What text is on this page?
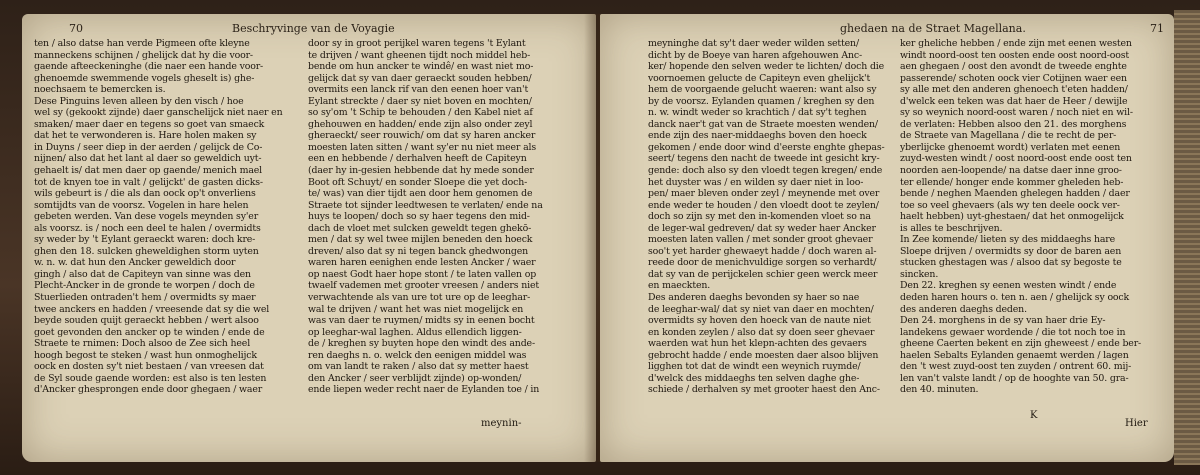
70	Beschryvinge van de Voyagie
ten / also datse han verde Pigmeen ofte kleyne
manneckens schijnen / ghelijck dat hy die voor-
gaende afteeckeninghe (die naer een hande voor-
ghenoemde swemmende vogels gheselt is) ghe-
noechsaem te bemercken is.
Dese Pinguins leven alleen by den visch / hoe
wel sy (gekookt zijnde) daer ganschelijck niet naer en
smaken/ maer daer en tegens so goet van smaeck
dat het te verwonderen is. Hare holen maken sy
in Duyns / seer diep in der aerden / gelijck de Co-
nijnen/ also dat het lant al daer so geweldich uyt-
gehaelt is/ dat men daer op gaende/ menich mael
tot de knyen toe in valt / gelijckt' de gasten dicks-
wils gebeurt is / die als dan oock op't onverliens
somtijdts van de voorsz. Vogelen in hare helen
gebeten werden. Van dese vogels meynden sy'er
als voorsz. is / noch een deel te halen / overmidts
sy weder by 't Eylant geraeckt waren: doch kre-
ghen den 18. sulcken gheweldighen storm uyten
w. n. w. dat hun den Ancker geweldich door
gingh / also dat de Capiteyn van sinne was den
Plecht-Ancker in de gronde te worpen / doch de
Stuerlieden ontraden't hem / overmidts sy maer
twee anckers en hadden / vreesende dat sy die wel
beyde souden quijt geraeckt hebben / wert alsoo
goet gevonden den ancker op te winden / ende de
Straete te rnimen: Doch alsoo de Zee sich heel
hoogh begost te steken / wast hun onmoghelijck
oock en dosten sy't niet bestaen / van vreesen dat
de Syl soude gaende worden: est also is ten lesten
d'Ancker ghesprongen ende door ghegaen / waer
door sy in groot perijkel waren tegens 't Eylant
te drijven / want gheenen tijdt noch middel heb-
bende om hun ancker te windê/ en wast niet mo-
gelijck dat sy van daer geraeckt souden hebben/
overmits een lanck rif van den eenen hoer van't
Eylant streckte / daer sy niet boven en mochten/
so sy'om 't Schip te behouden / den Kabel niet af
ghehouwen en hadden/ ende zijn also onder zeyl
gheraeckt/ seer rouwich/ om dat sy haren ancker
moesten laten sitten / want sy'er nu niet meer als
een en hebbende / derhalven heeft de Capiteyn
(daer hy in-gesien hebbende dat hy mede sonder
Boot oft Schuyt/ en sonder Sloepe die yet doch-
te/ was) van dier tijdt aen door hem genomen de
Straete tot sijnder leedtwesen te verlaten/ ende na
huys te loopen/ doch so sy haer tegens den mid-
dach de vloet met sulcken geweldt tegen ghekō-
men / dat sy wel twee mijlen beneden den hoeck
dreven/ also dat sy ni tegen banck ghedwongen
waren haren eenighen ende lesten Ancker / waer
op naest Godt haer hope stont / te laten vallen op
twaelf vademen met grooter vreesen / anders niet
verwachtende als van ure tot ure op de leeghar-
wal te drijven / want het was niet mogelijck en
was van daer te ruymen/ midts sy in eenen bocht
op leeghar-wal laghen. Aldus ellendich liggen-
de / kreghen sy buyten hope den windt des ande-
ren daeghs n. o. welck den eenigen middel was
om van landt te raken / also dat sy metter haest
den Ancker / seer verblijdt zijnde) op-wonden/
ende liepen weder recht naer de Eylanden toe / in
meynin-
ghedaen na de Straet Magellana.	71
meyninghe dat sy't daer weder wilden setten/
dicht by de Boeye van haren afgehouwen Anc-
ker/ hopende den selven weder te lichten/ doch die
voornoemen gelucte de Capiteyn even ghelijck't
hem de voorgaende gelucht waeren: want also sy
by de voorsz. Eylanden quamen / kreghen sy den
n. w. windt weder so krachtich / dat sy't teghen
danck naer't gat van de Straete moesten wenden/
ende zijn des naer-middaeghs boven den hoeck
gekomen / ende door wind d'eerste enghte ghepas-
seert/ tegens den nacht de tweede int gesicht kry-
gende: doch also sy den vloedt tegen kregen/ ende
het duyster was / en wilden sy daer niet in loo-
pen/ maer bleven onder zeyl / meynende met over
ende weder te houden / den vloedt doot te zeylen/
doch so zijn sy met den in-komenden vloet so na
de leger-wal gedreven/ dat sy weder haer Ancker
moesten laten vallen / met sonder groot ghevaer
soo't yet harder ghewaeyt hadde / doch waren al-
reede door de menichvuldige sorgen so verhardt/
dat sy van de perijckelen schier geen werck meer
en maeckten.
Des anderen daeghs bevonden sy haer so nae
de leeghar-wal/ dat sy niet van daer en mochten/
overmidts sy hoven den hoeck van de naute niet
en konden zeylen / also dat sy doen seer ghevaer
waerden wat hun het klepn-achten des gevaers
gebrocht hadde / ende moesten daer alsoo blijven
ligghen tot dat de windt een weynich ruymde/
d'welck des middaeghs ten selven daghe ghe-
schiede / derhalven sy met grooter haest den Anc-
ker gheliche hebben / ende zijn met eenen westen
windt noord-oost ten oosten ende oost noord-oost
aen ghegaen / oost den avondt de tweede enghte
passerende/ schoten oock vier Cotijnen waer een
sy alle met den anderen ghenoech t'eten hadden/
d'welck een teken was dat haer de Heer / dewijle
sy so weynich noord-oost waren / noch niet en wil-
de verlaten: Hebben alsoo den 21. des morghens
de Straete van Magellana / die te recht de per-
yberlijcke ghenoemt wordt) verlaten met eenen
zuyd-westen windt / oost noord-oost ende oost ten
noorden aen-loopende/ na datse daer inne groo-
ter ellende/ honger ende kommer gheleden heb-
bende / neghen Maenden ghelegen hadden / daer
toe so veel ghevaers (als wy ten deele oock ver-
haelt hebben) uyt-ghestaen/ dat het onmogelijck
is alles te beschrijven.
In Zee komende/ lieten sy des middaeghs hare
Sloepe drijven / overmidts sy door de baren aen
stucken ghestagen was / alsoo dat sy begoste te
sincken.
Den 22. kreghen sy eenen westen windt / ende
deden haren hours o. ten n. aen / ghelijck sy oock
des anderen daeghs deden.
Den 24. morghens in de sy van haer drie Ey-
landekens gewaer wordende / die tot noch toe in
gheene Caerten bekent en zijn gheweest / ende ber-
haelen Sebalts Eylanden genaemt werden / lagen
den 't west zuyd-oost ten zuyden / ontrent 60. mij-
len van't valste landt / op de hooghte van 50. gra-
den 40. minuten.
K
Hier
